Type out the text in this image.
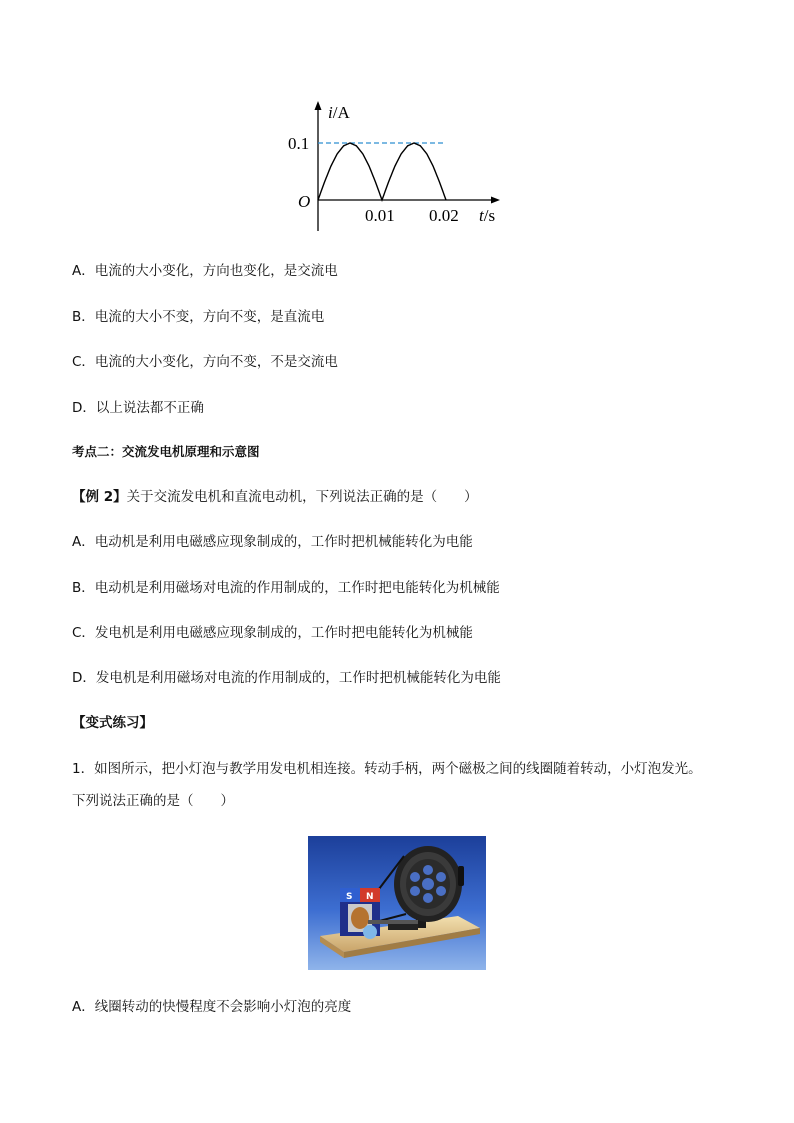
i/A
0.1
O
0.01 0.02 t/s
A．电流的大小变化，方向也变化，是交流电
B．电流的大小不变，方向不变，是直流电
C．电流的大小变化，方向不变，不是交流电
D．以上说法都不正确
考点二：交流发电机原理和示意图
【例 2】关于交流发电机和直流电动机，下列说法正确的是（　　）
A．电动机是利用电磁感应现象制成的，工作时把机械能转化为电能
B．电动机是利用磁场对电流的作用制成的，工作时把电能转化为机械能
C．发电机是利用电磁感应现象制成的，工作时把电能转化为机械能
D．发电机是利用磁场对电流的作用制成的，工作时把机械能转化为电能
【变式练习】
1．如图所示，把小灯泡与教学用发电机相连接。转动手柄，两个磁极之间的线圈随着转动，小灯泡发光。
下列说法正确的是（　　）
S N
A．线圈转动的快慢程度不会影响小灯泡的亮度
